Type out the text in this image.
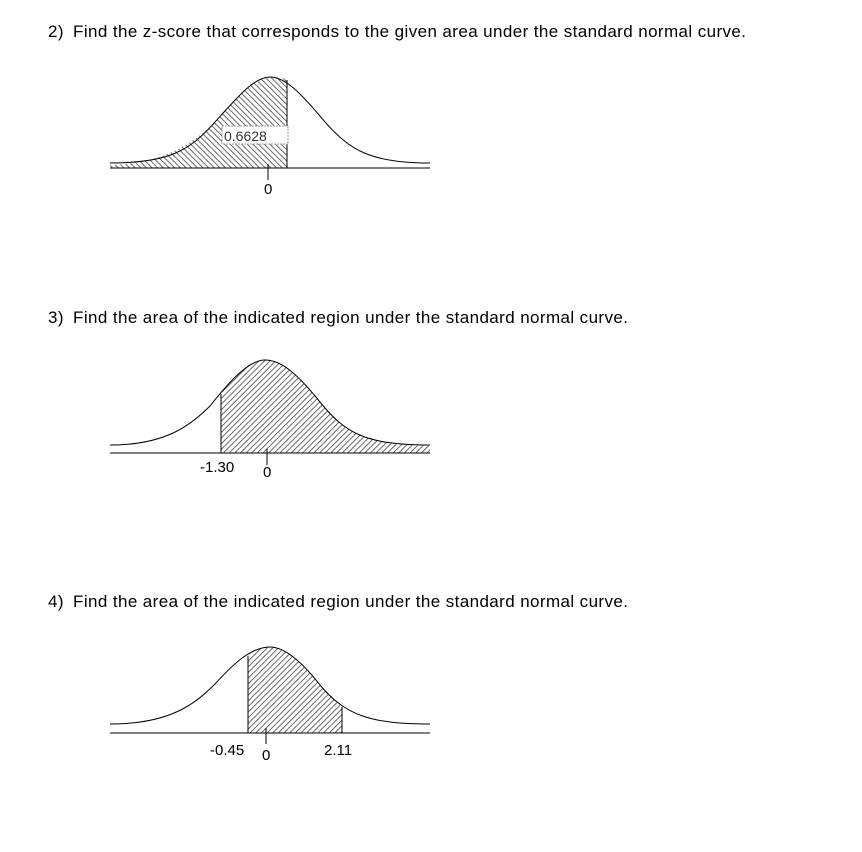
2) Find the z-score that corresponds to the given area under the standard normal curve.

0.6628
0

3) Find the area of the indicated region under the standard normal curve.

-1.30 0

4) Find the area of the indicated region under the standard normal curve.

-0.45 0	2.11
